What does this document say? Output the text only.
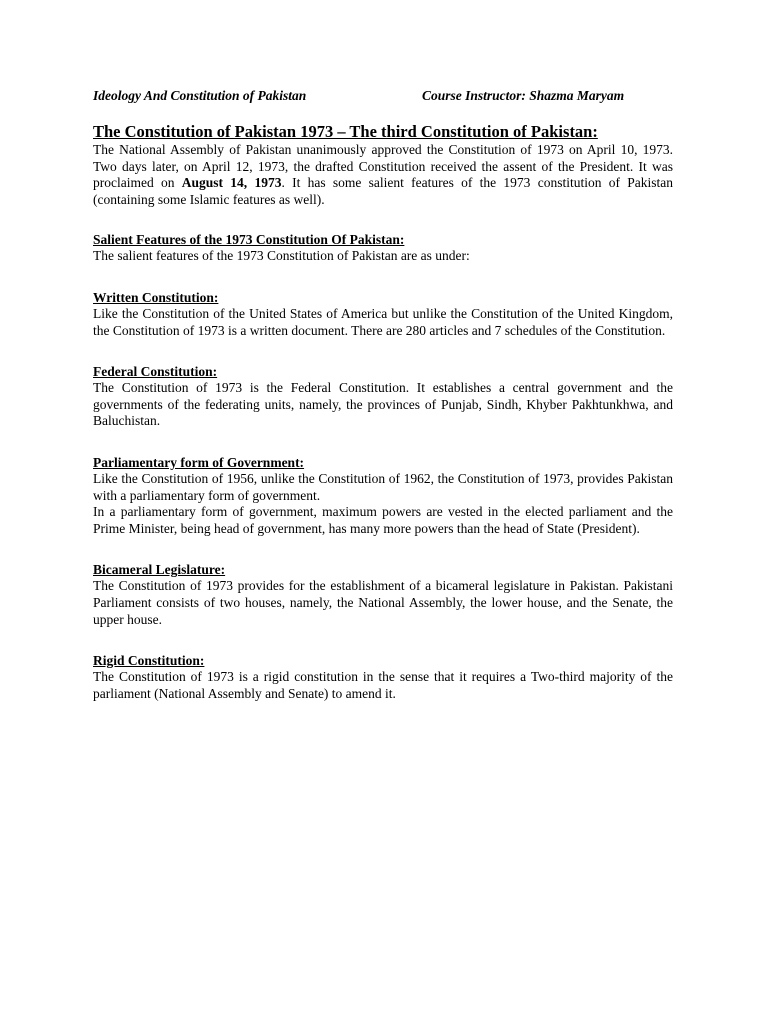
Ideology And Constitution of Pakistan	Course Instructor: Shazma Maryam
The Constitution of Pakistan 1973 – The third Constitution of Pakistan:

The National Assembly of Pakistan unanimously approved the Constitution of 1973 on April 10, 1973. Two days later, on April 12, 1973, the drafted Constitution received the assent of the President. It was proclaimed on August 14, 1973. It has some salient features of the 1973 constitution of Pakistan (containing some Islamic features as well).

Salient Features of the 1973 Constitution Of Pakistan:

The salient features of the 1973 Constitution of Pakistan are as under:

Written Constitution:

Like the Constitution of the United States of America but unlike the Constitution of the United Kingdom, the Constitution of 1973 is a written document. There are 280 articles and 7 schedules of the Constitution.

Federal Constitution:

The Constitution of 1973 is the Federal Constitution. It establishes a central government and the governments of the federating units, namely, the provinces of Punjab, Sindh, Khyber Pakhtunkhwa, and Baluchistan.

Parliamentary form of Government:

Like the Constitution of 1956, unlike the Constitution of 1962, the Constitution of 1973, provides Pakistan with a parliamentary form of government.

In a parliamentary form of government, maximum powers are vested in the elected parliament and the Prime Minister, being head of government, has many more powers than the head of State (President).

Bicameral Legislature:

The Constitution of 1973 provides for the establishment of a bicameral legislature in Pakistan. Pakistani Parliament consists of two houses, namely, the National Assembly, the lower house, and the Senate, the upper house.

Rigid Constitution:

The Constitution of 1973 is a rigid constitution in the sense that it requires a Two-third majority of the parliament (National Assembly and Senate) to amend it.
